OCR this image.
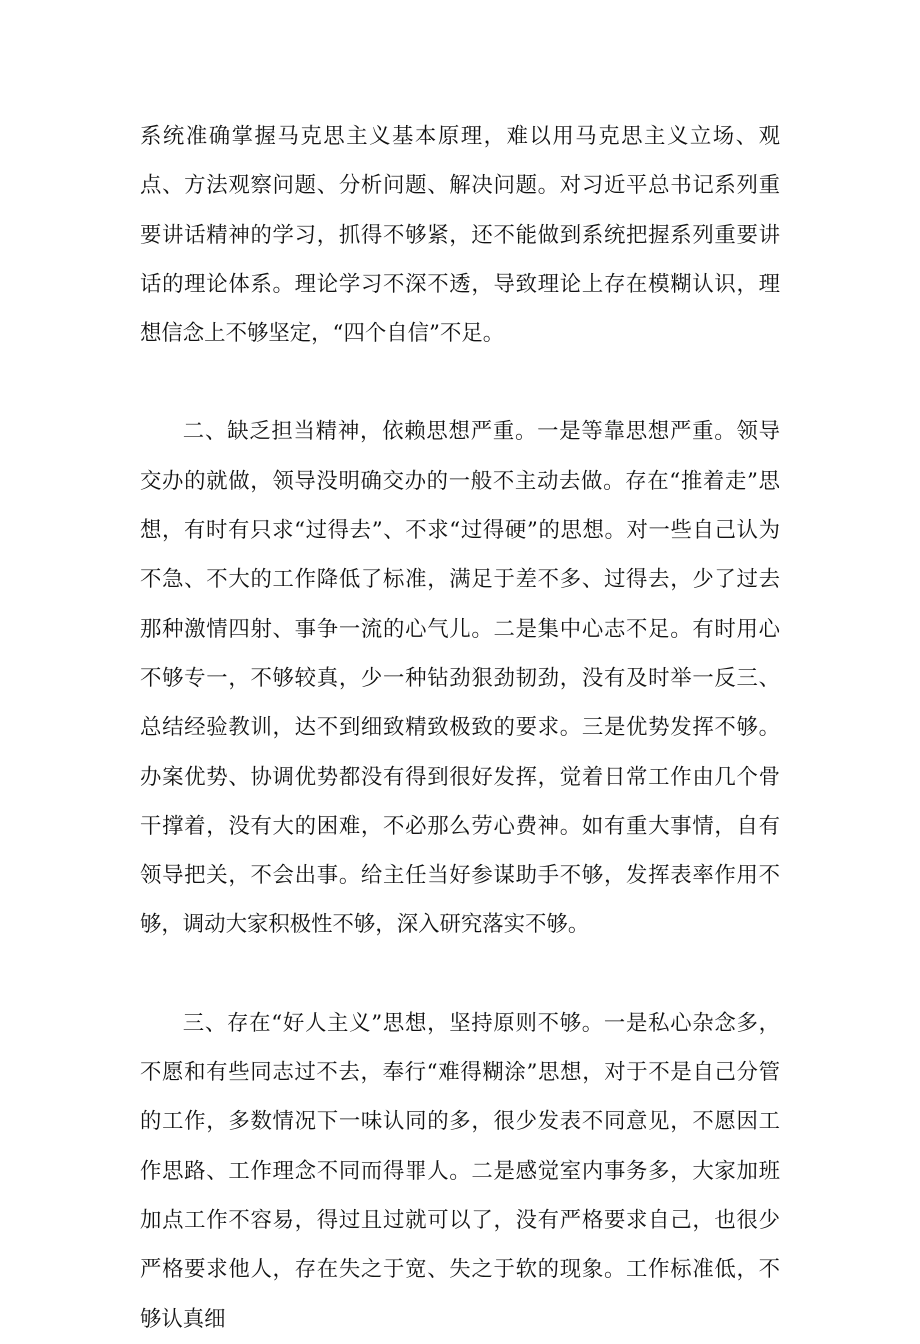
系统准确掌握马克思主义基本原理，难以用马克思主义立场、观点、方法观察问题、分析问题、解决问题。对习近平总书记系列重要讲话精神的学习，抓得不够紧，还不能做到系统把握系列重要讲话的理论体系。理论学习不深不透，导致理论上存在模糊认识，理想信念上不够坚定，“四个自信”不足。

二、缺乏担当精神，依赖思想严重。一是等靠思想严重。领导交办的就做，领导没明确交办的一般不主动去做。存在“推着走”思想，有时有只求“过得去”、不求“过得硬”的思想。对一些自己认为不急、不大的工作降低了标准，满足于差不多、过得去，少了过去那种激情四射、事争一流的心气儿。二是集中心志不足。有时用心不够专一，不够较真，少一种钻劲狠劲韧劲，没有及时举一反三、总结经验教训，达不到细致精致极致的要求。三是优势发挥不够。办案优势、协调优势都没有得到很好发挥，觉着日常工作由几个骨干撑着，没有大的困难，不必那么劳心费神。如有重大事情，自有领导把关，不会出事。给主任当好参谋助手不够，发挥表率作用不够，调动大家积极性不够，深入研究落实不够。

三、存在“好人主义”思想，坚持原则不够。一是私心杂念多，不愿和有些同志过不去，奉行“难得糊涂”思想，对于不是自己分管的工作，多数情况下一味认同的多，很少发表不同意见，不愿因工作思路、工作理念不同而得罪人。二是感觉室内事务多，大家加班加点工作不容易，得过且过就可以了，没有严格要求自己，也很少严格要求他人，存在失之于宽、失之于软的现象。工作标准低，不够认真细
